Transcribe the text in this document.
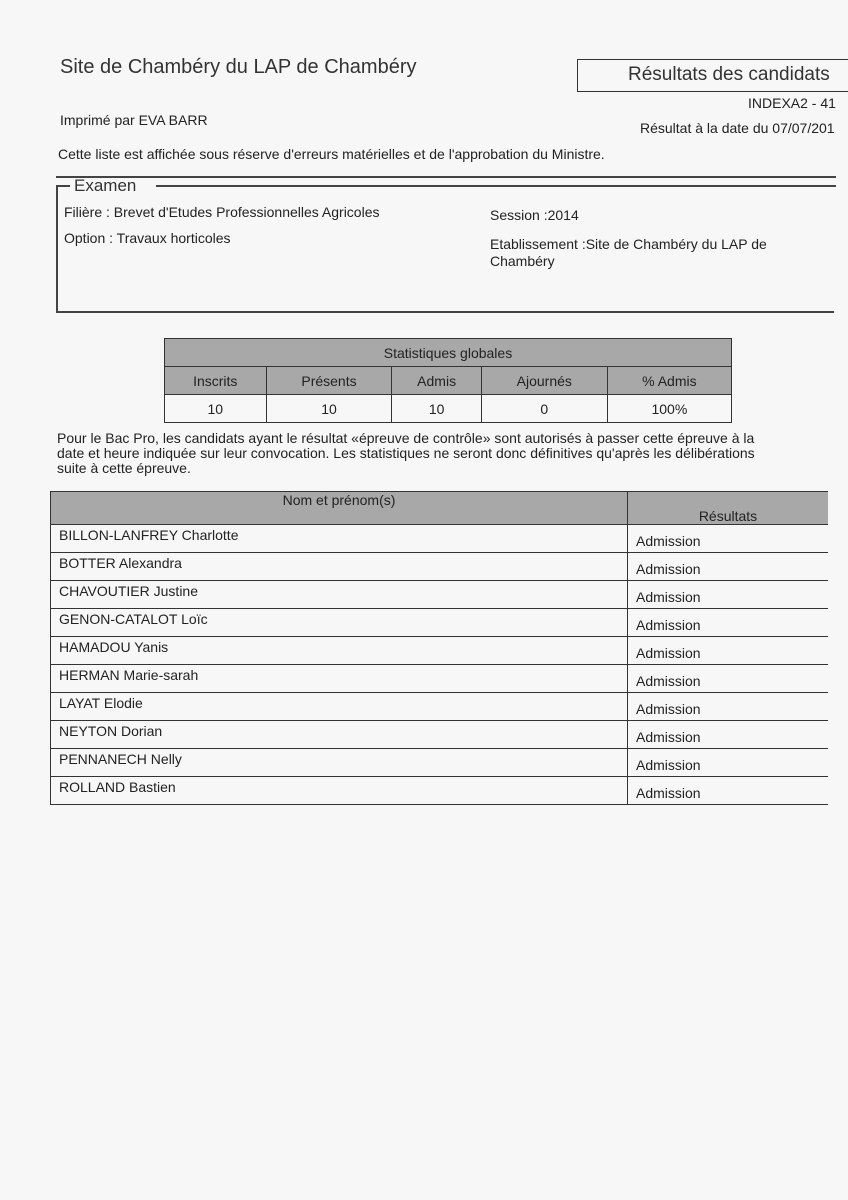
Site de Chambéry du LAP de Chambéry	Résultats des candidats
INDEXA2 - 41
Imprimé par EVA BARR	Résultat à la date du 07/07/201
Cette liste est affichée sous réserve d'erreurs matérielles et de l'approbation du Ministre.
Examen
Filière : Brevet d'Etudes Professionnelles Agricoles
Option : Travaux horticoles
Session :2014
Etablissement :Site de Chambéry du LAP de Chambéry
Statistiques globales				
Inscrits	Présents	Admis	Ajournés	% Admis
10	10	10	0	100%
Pour le Bac Pro, les candidats ayant le résultat «épreuve de contrôle» sont autorisés à passer cette épreuve à la date et heure indiquée sur leur convocation. Les statistiques ne seront donc définitives qu'après les délibérations suite à cette épreuve.
Nom et prénom(s)	Résultats
BILLON-LANFREY Charlotte	Admission
BOTTER Alexandra	Admission
CHAVOUTIER Justine	Admission
GENON-CATALOT Loïc	Admission
HAMADOU Yanis	Admission
HERMAN Marie-sarah	Admission
LAYAT Elodie	Admission
NEYTON Dorian	Admission
PENNANECH Nelly	Admission
ROLLAND Bastien	Admission
